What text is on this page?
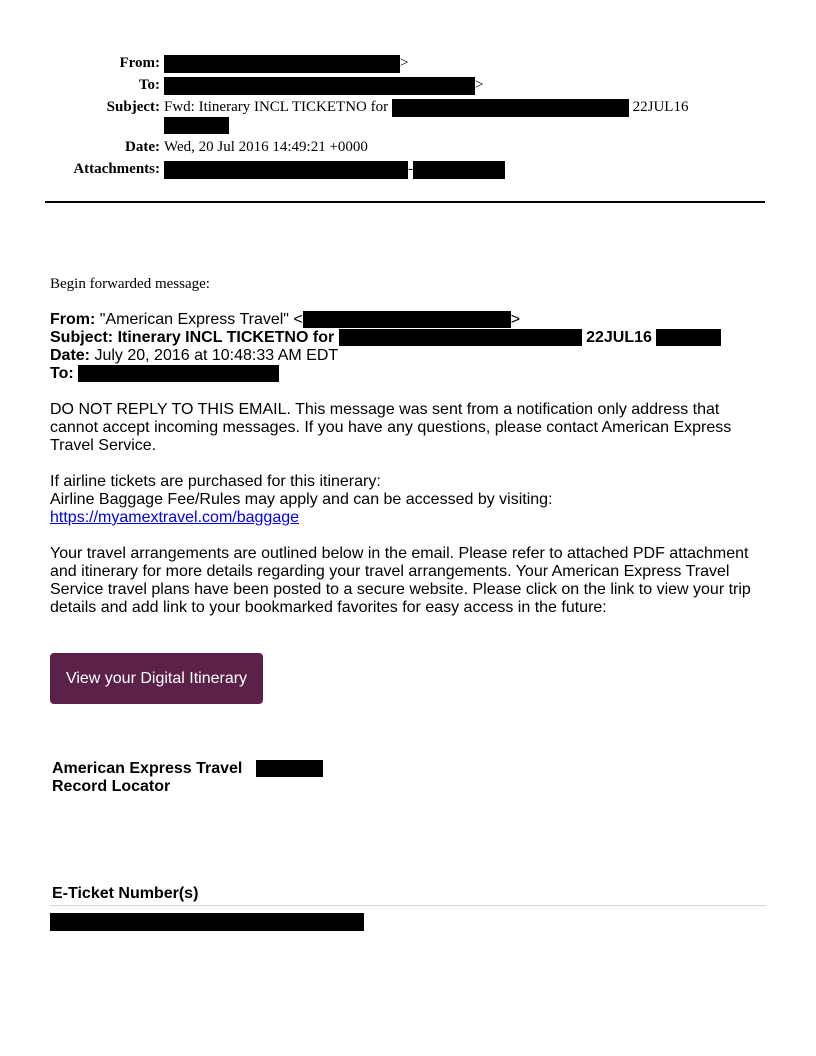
From:	>
To:	>
Subject: Fwd: Itinerary INCL TICKETNO for	22JUL16
Date: Wed, 20 Jul 2016 14:49:21 +0000
Attachments:	-
Begin forwarded message:
From: "American Express Travel" <	>
Subject: Itinerary INCL TICKETNO for	22JUL16
Date: July 20, 2016 at 10:48:33 AM EDT
To:
DO NOT REPLY TO THIS EMAIL. This message was sent from a notification only address that
cannot accept incoming messages. If you have any questions, please contact American Express
Travel Service.
If airline tickets are purchased for this itinerary:
Airline Baggage Fee/Rules may apply and can be accessed by visiting:
https://myamextravel.com/baggage
Your travel arrangements are outlined below in the email. Please refer to attached PDF attachment
and itinerary for more details regarding your travel arrangements. Your American Express Travel
Service travel plans have been posted to a secure website. Please click on the link to view your trip
details and add link to your bookmarked favorites for easy access in the future:
View your Digital Itinerary
American Express Travel
Record Locator
E-Ticket Number(s)
